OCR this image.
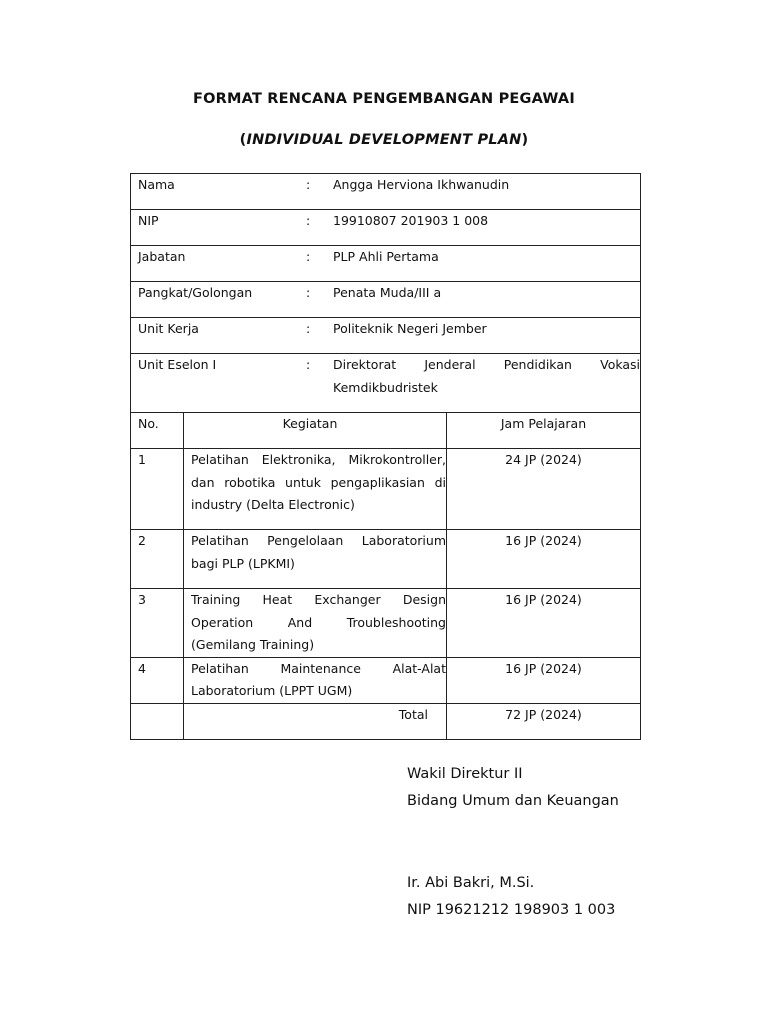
FORMAT RENCANA PENGEMBANGAN PEGAWAI
(INDIVIDUAL DEVELOPMENT PLAN)
Nama : Angga Herviona Ikhwanudin		

NIP : 19910807 201903 1 008		

Jabatan : PLP Ahli Pertama		

Pangkat/Golongan : Penata Muda/III a		

Unit Kerja : Politeknik Negeri Jember		

Unit Eselon I : Direktorat Jenderal Pendidikan Vokasi
Kemdikbudristek		

No.	Kegiatan	Jam Pelajaran
1	Pelatihan Elektronika, Mikrokontroller, dan robotika untuk pengaplikasian di industry (Delta Electronic)	24 JP (2024)
2	Pelatihan Pengelolaan Laboratorium bagi PLP (LPKMI)	16 JP (2024)
3	Training Heat Exchanger Design Operation And Troubleshooting (Gemilang Training)	16 JP (2024)
4	Pelatihan Maintenance Alat-Alat Laboratorium (LPPT UGM)	16 JP (2024)
	Total	72 JP (2024)
Wakil Direktur II
Bidang Umum dan Keuangan
Ir. Abi Bakri, M.Si.
NIP 19621212 198903 1 003
